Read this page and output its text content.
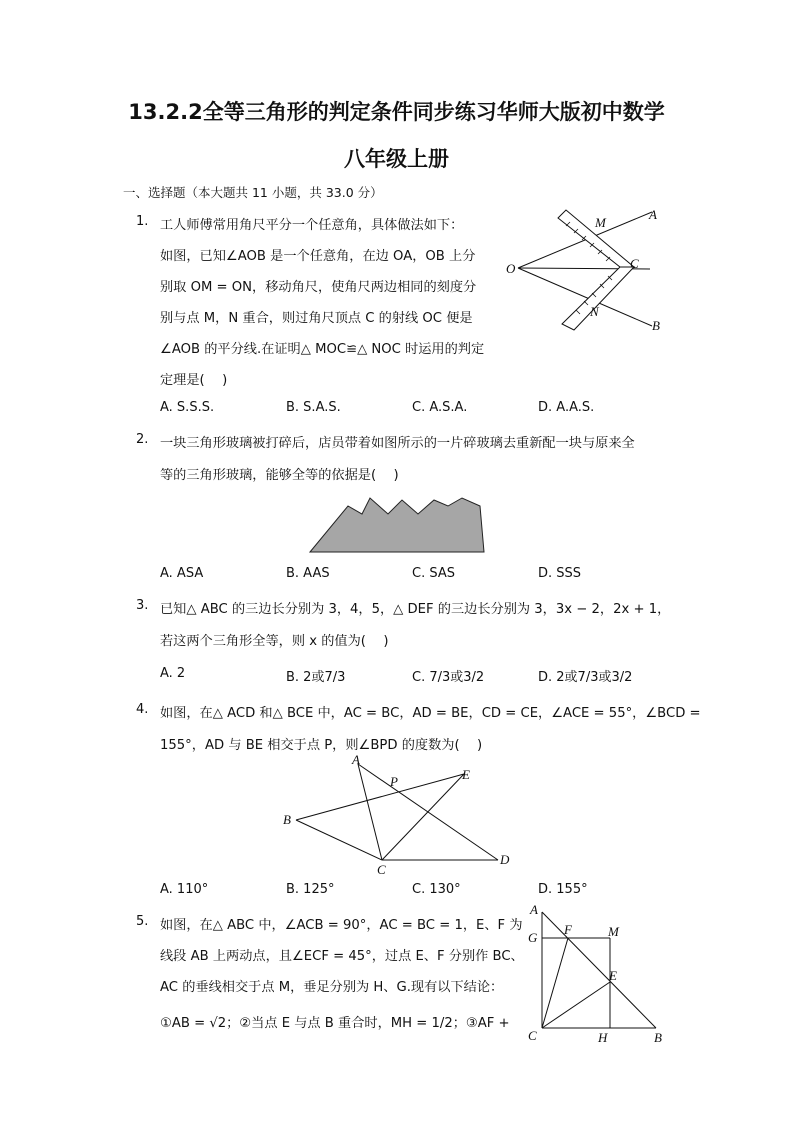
13.2.2全等三角形的判定条件同步练习华师大版初中数学
八年级上册
一、选择题（本大题共 11 小题，共 33.0 分）
1. 工人师傅常用角尺平分一个任意角，具体做法如下：
如图，已知∠AOB 是一个任意角，在边 OA，OB 上分
别取 OM = ON，移动角尺，使角尺两边相同的刻度分
别与点 M，N 重合，则过角尺顶点 C 的射线 OC 便是
∠AOB 的平分线.在证明△ MOC≌△ NOC 时运用的判定
定理是(　 )
A. S.S.S.	B. S.A.S.	C. A.S.A.	D. A.A.S.
M
A
O	C
N
B
2. 一块三角形玻璃被打碎后，店员带着如图所示的一片碎玻璃去重新配一块与原来全
等的三角形玻璃，能够全等的依据是(　 )
A. ASA	B. AAS	C. SAS	D. SSS
3. 已知△ ABC 的三边长分别为 3，4，5，△ DEF 的三边长分别为 3，3x − 2，2x + 1，
若这两个三角形全等，则 x 的值为(　 )
A. 2	B. 2或7/3	C. 7/3或3/2	D. 2或7/3或3/2
4. 如图，在△ ACD 和△ BCE 中，AC = BC，AD = BE，CD = CE，∠ACE = 55°，∠BCD =
155°，AD 与 BE 相交于点 P，则∠BPD 的度数为(　 )
A
P	E
B
C
D
A. 110°	B. 125°	C. 130°	D. 155°
5. 如图，在△ ABC 中，∠ACB = 90°，AC = BC = 1，E、F 为
线段 AB 上两动点，且∠ECF = 45°，过点 E、F 分别作 BC、
AC 的垂线相交于点 M，垂足分别为 H、G.现有以下结论：
①AB = √2；②当点 E 与点 B 重合时，MH = 1/2；③AF +
A
G
F	M
E
C	H	B
